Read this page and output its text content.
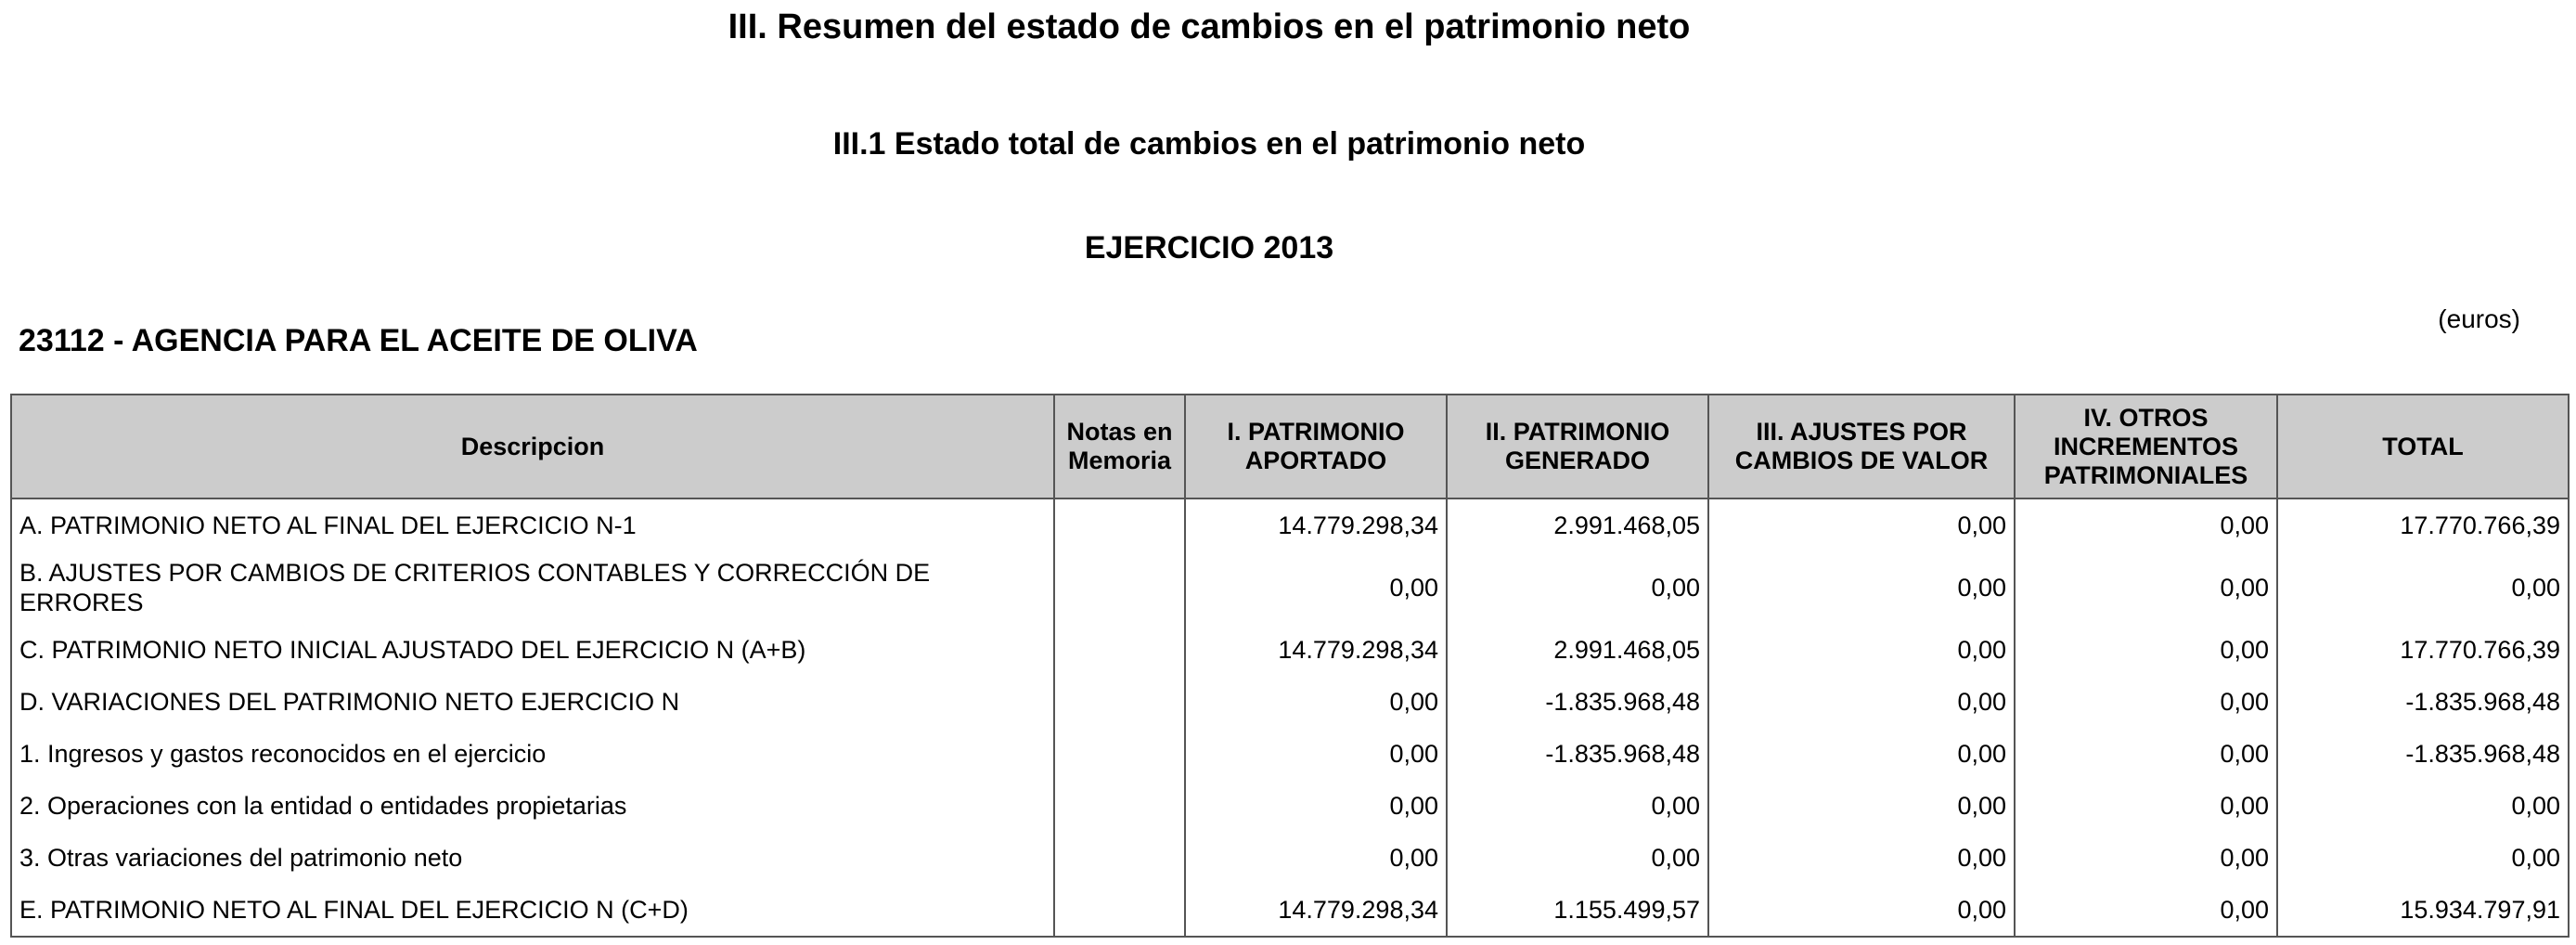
III. Resumen del estado de cambios en el patrimonio neto
III.1 Estado total de cambios en el patrimonio neto
EJERCICIO 2013
23112 - AGENCIA PARA EL ACEITE DE OLIVA
(euros)
Descripcion	Notas en Memoria	I. PATRIMONIO APORTADO	II. PATRIMONIO GENERADO	III. AJUSTES POR CAMBIOS DE VALOR	IV. OTROS INCREMENTOS PATRIMONIALES	TOTAL
A. PATRIMONIO NETO AL FINAL DEL EJERCICIO N-1		14.779.298,34	2.991.468,05	0,00	0,00	17.770.766,39
B. AJUSTES POR CAMBIOS DE CRITERIOS CONTABLES Y CORRECCIÓN DE ERRORES		0,00	0,00	0,00	0,00	0,00
C. PATRIMONIO NETO INICIAL AJUSTADO DEL EJERCICIO N (A+B)		14.779.298,34	2.991.468,05	0,00	0,00	17.770.766,39
D. VARIACIONES DEL PATRIMONIO NETO EJERCICIO N		0,00	-1.835.968,48	0,00	0,00	-1.835.968,48
1. Ingresos y gastos reconocidos en el ejercicio		0,00	-1.835.968,48	0,00	0,00	-1.835.968,48
2. Operaciones con la entidad o entidades propietarias		0,00	0,00	0,00	0,00	0,00
3. Otras variaciones del patrimonio neto		0,00	0,00	0,00	0,00	0,00
E. PATRIMONIO NETO AL FINAL DEL EJERCICIO N (C+D)		14.779.298,34	1.155.499,57	0,00	0,00	15.934.797,91
